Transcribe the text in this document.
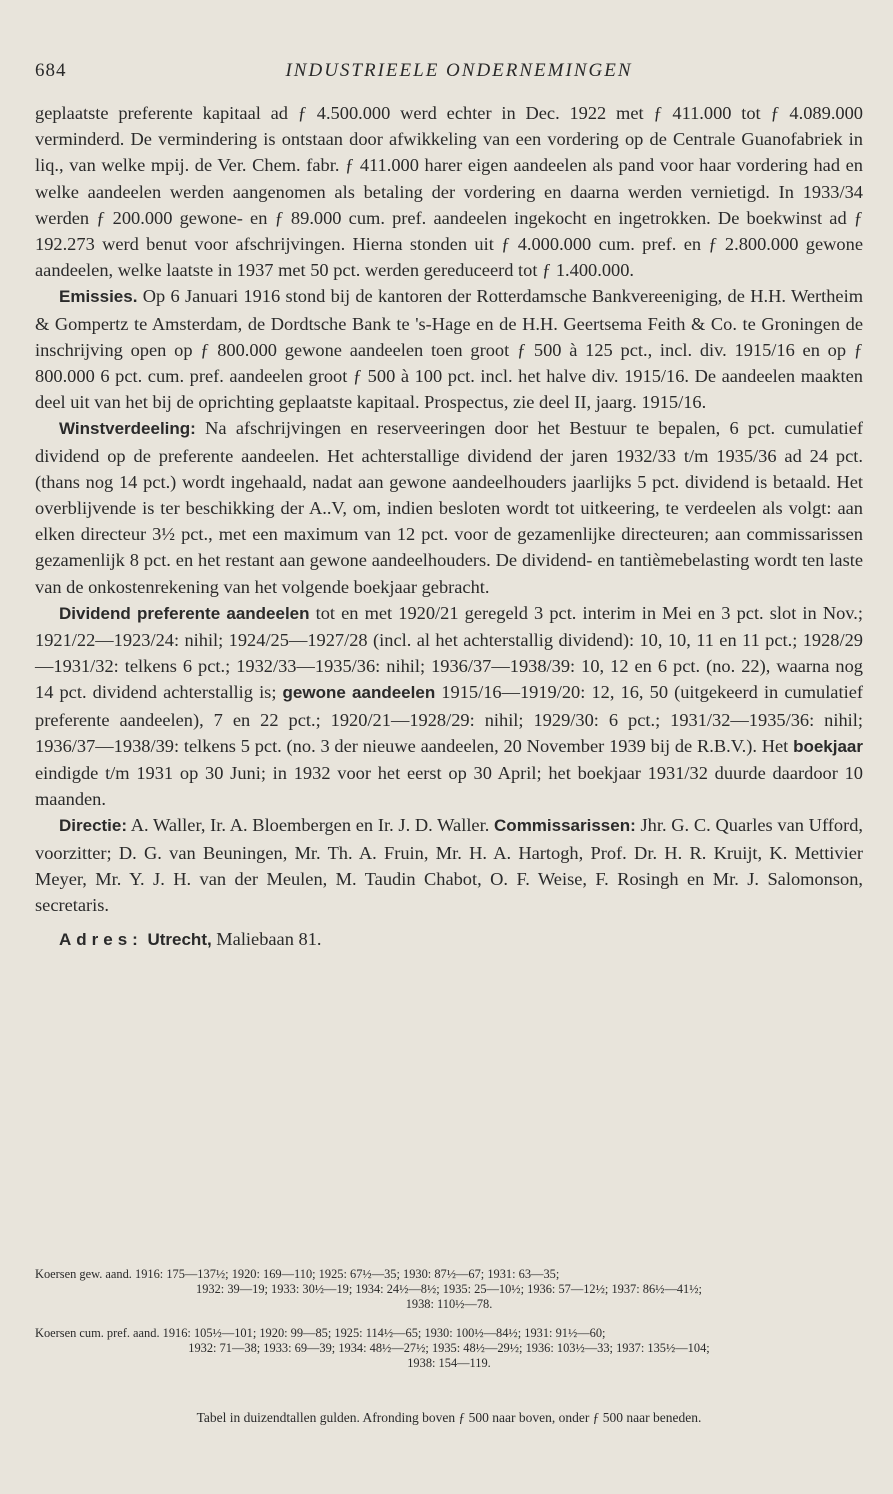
684	INDUSTRIEELE ONDERNEMINGEN

geplaatste preferente kapitaal ad ƒ 4.500.000 werd echter in Dec. 1922 met ƒ 411.000 tot ƒ 4.089.000 verminderd. De vermindering is ontstaan door afwikkeling van een vordering op de Centrale Guanofabriek in liq., van welke mpij. de Ver. Chem. fabr. ƒ 411.000 harer eigen aandeelen als pand voor haar vordering had en welke aandeelen werden aangenomen als betaling der vordering en daarna werden vernietigd. In 1933/34 werden ƒ 200.000 gewone- en ƒ 89.000 cum. pref. aandeelen ingekocht en ingetrokken. De boekwinst ad ƒ 192.273 werd benut voor afschrijvingen. Hierna stonden uit ƒ 4.000.000 cum. pref. en ƒ 2.800.000 gewone aandeelen, welke laatste in 1937 met 50 pct. werden gereduceerd tot ƒ 1.400.000.

Emissies. Op 6 Januari 1916 stond bij de kantoren der Rotterdamsche Bankvereeniging, de H.H. Wertheim & Gompertz te Amsterdam, de Dordtsche Bank te 's-Hage en de H.H. Geertsema Feith & Co. te Groningen de inschrijving open op ƒ 800.000 gewone aandeelen toen groot ƒ 500 à 125 pct., incl. div. 1915/16 en op ƒ 800.000 6 pct. cum. pref. aandeelen groot ƒ 500 à 100 pct. incl. het halve div. 1915/16. De aandeelen maakten deel uit van het bij de oprichting geplaatste kapitaal. Prospectus, zie deel II, jaarg. 1915/16.

Winstverdeeling: Na afschrijvingen en reserveeringen door het Bestuur te bepalen, 6 pct. cumulatief dividend op de preferente aandeelen. Het achterstallige dividend der jaren 1932/33 t/m 1935/36 ad 24 pct. (thans nog 14 pct.) wordt ingehaald, nadat aan gewone aandeelhouders jaarlijks 5 pct. dividend is betaald. Het overblijvende is ter beschikking der A..V, om, indien besloten wordt tot uitkeering, te verdeelen als volgt: aan elken directeur 3½ pct., met een maximum van 12 pct. voor de gezamenlijke directeuren; aan commissarissen gezamenlijk 8 pct. en het restant aan gewone aandeelhouders. De dividend- en tantièmebelasting wordt ten laste van de onkostenrekening van het volgende boekjaar gebracht.

Dividend preferente aandeelen tot en met 1920/21 geregeld 3 pct. interim in Mei en 3 pct. slot in Nov.; 1921/22—1923/24: nihil; 1924/25—1927/28 (incl. al het achterstallig dividend): 10, 10, 11 en 11 pct.; 1928/29—1931/32: telkens 6 pct.; 1932/33—1935/36: nihil; 1936/37—1938/39: 10, 12 en 6 pct. (no. 22), waarna nog 14 pct. dividend achterstallig is; gewone aandeelen 1915/16—1919/20: 12, 16, 50 (uitgekeerd in cumulatief preferente aandeelen), 7 en 22 pct.; 1920/21—1928/29: nihil; 1929/30: 6 pct.; 1931/32—1935/36: nihil; 1936/37—1938/39: telkens 5 pct. (no. 3 der nieuwe aandeelen, 20 November 1939 bij de R.B.V.). Het boekjaar eindigde t/m 1931 op 30 Juni; in 1932 voor het eerst op 30 April; het boekjaar 1931/32 duurde daardoor 10 maanden.

Directie: A. Waller, Ir. A. Bloembergen en Ir. J. D. Waller. Commissarissen: Jhr. G. C. Quarles van Ufford, voorzitter; D. G. van Beuningen, Mr. Th. A. Fruin, Mr. H. A. Hartogh, Prof. Dr. H. R. Kruijt, K. Mettivier Meyer, Mr. Y. J. H. van der Meulen, M. Taudin Chabot, O. F. Weise, F. Rosingh en Mr. J. Salomonson, secretaris.

Adres: Utrecht, Maliebaan 81.

Koersen gew. aand. 1916: 175—137½; 1920: 169—110; 1925: 67½—35; 1930: 87½—67; 1931: 63—35;
1932: 39—19; 1933: 30½—19; 1934: 24½—8½; 1935: 25—10½; 1936: 57—12½; 1937: 86½—41½;
1938: 110½—78.
Koersen cum. pref. aand. 1916: 105½—101; 1920: 99—85; 1925: 114½—65; 1930: 100½—84½; 1931: 91½—60;
1932: 71—38; 1933: 69—39; 1934: 48½—27½; 1935: 48½—29½; 1936: 103½—33; 1937: 135½—104;
1938: 154—119.
Tabel in duizendtallen gulden. Afronding boven ƒ 500 naar boven, onder ƒ 500 naar beneden.
